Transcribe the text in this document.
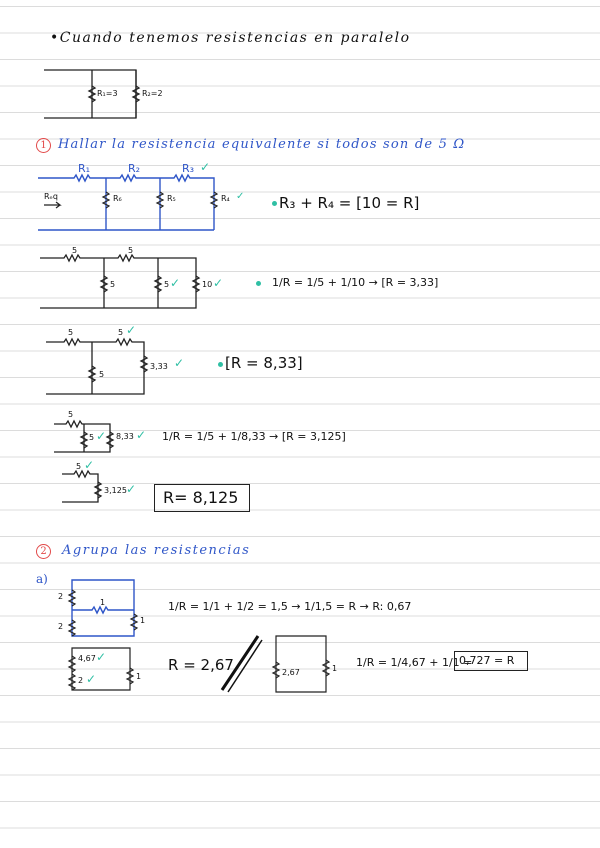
•Cuando tenemos resistencias en paralelo
R₁=3	R₂=2
1 Hallar la resistencia equivalente si todos son de 5 Ω
R₁	R₂	R₃ ✓
R₆	R₅	R₄ ✓
Rₑq	R₃ + R₄ = [10 = R]
5	5
5	5 ✓	10 ✓	1/R = 1/5 + 1/10 → [R = 3,33]
5	5 ✓
5
3,33 ✓	[R = 8,33]
5
5 ✓ 8,33 ✓ 1/R = 1/5 + 1/8,33 → [R = 3,125]
5 ✓
3,125 ✓ R= 8,125
2	Agrupa las resistencias
a)
2
1
2
1
1/R = 1/1 + 1/2 = 1,5 → 1/1,5 = R → R: 0,67
4,67 ✓
2 ✓	1
R = 2,67	2,67	1 1/R = 1/4,67 + 1/1 =
0,727 = R
